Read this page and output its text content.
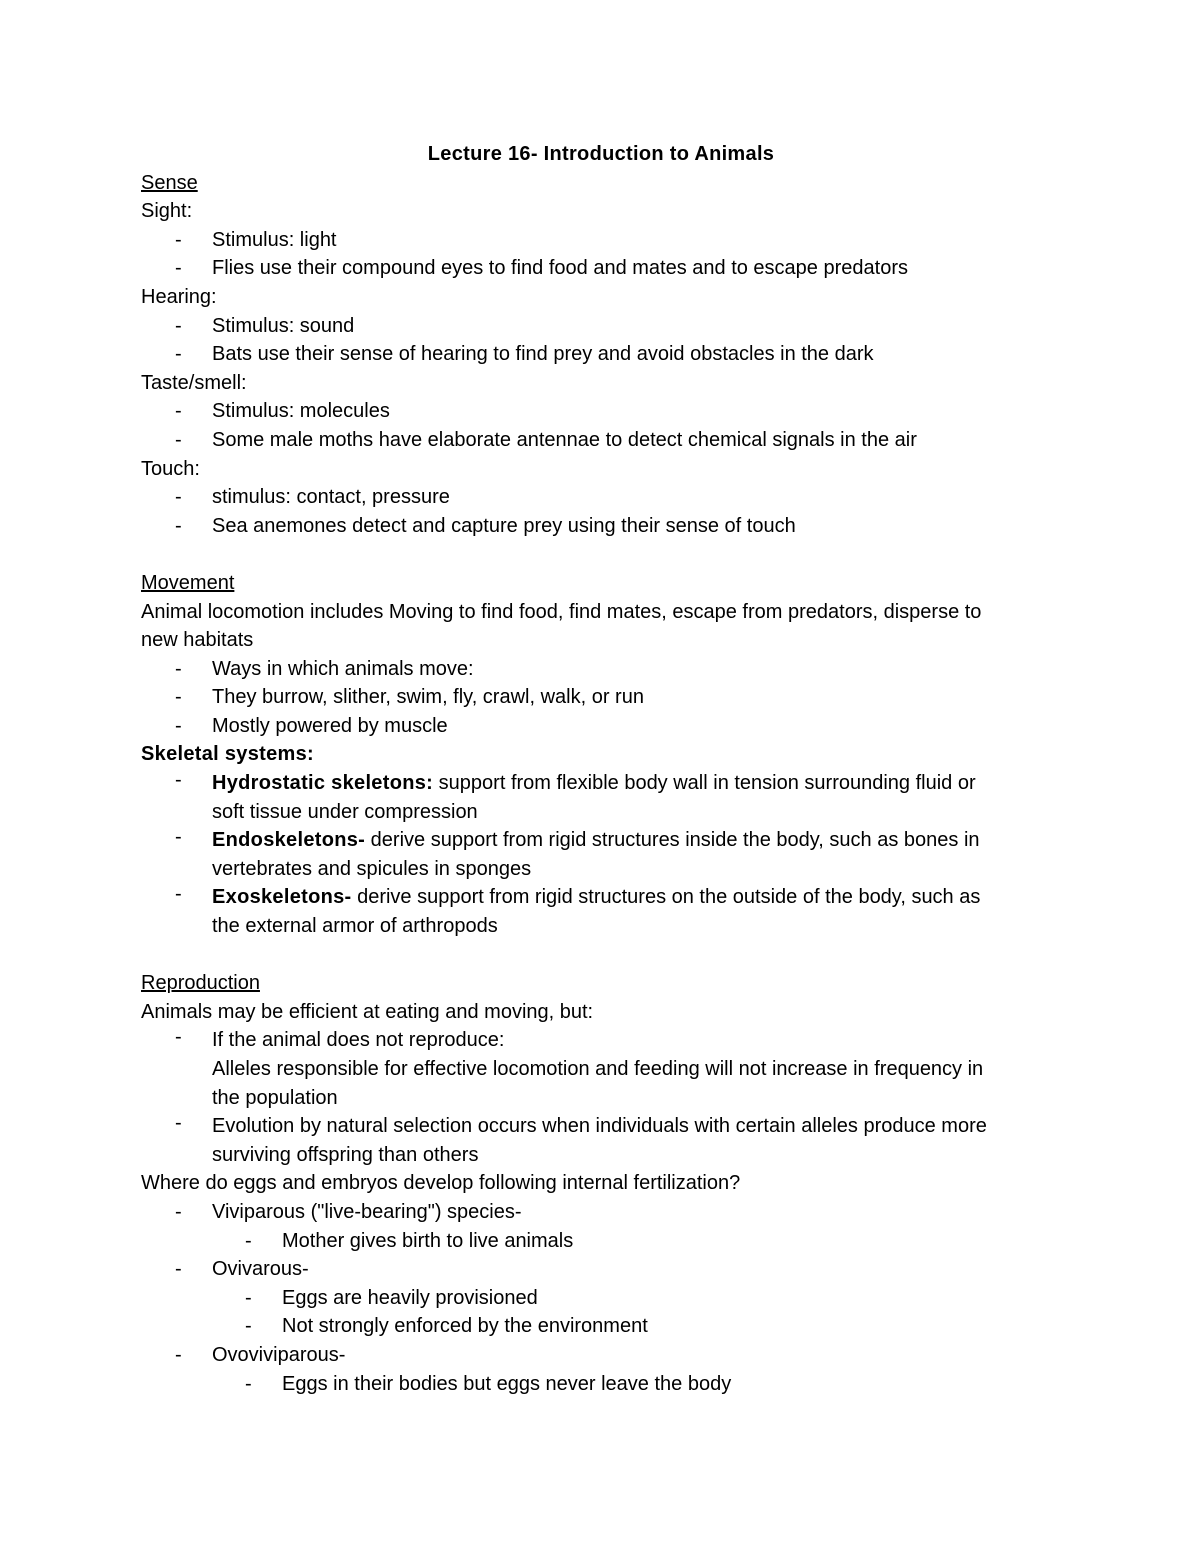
Lecture 16- Introduction to Animals
Sense
Sight:
- Stimulus: light
- Flies use their compound eyes to find food and mates and to escape predators
Hearing:
- Stimulus: sound
- Bats use their sense of hearing to find prey and avoid obstacles in the dark
Taste/smell:
- Stimulus: molecules
- Some male moths have elaborate antennae to detect chemical signals in the air
Touch:
- stimulus: contact, pressure
- Sea anemones detect and capture prey using their sense of touch
Movement
Animal locomotion includes Moving to find food, find mates, escape from predators, disperse to
new habitats
- Ways in which animals move:
- They burrow, slither, swim, fly, crawl, walk, or run
- Mostly powered by muscle
Skeletal systems:
- Hydrostatic skeletons: support from flexible body wall in tension surrounding fluid or
soft tissue under compression
- Endoskeletons- derive support from rigid structures inside the body, such as bones in
vertebrates and spicules in sponges
- Exoskeletons- derive support from rigid structures on the outside of the body, such as
the external armor of arthropods
Reproduction
Animals may be efficient at eating and moving, but:
- If the animal does not reproduce:
Alleles responsible for effective locomotion and feeding will not increase in frequency in
the population
- Evolution by natural selection occurs when individuals with certain alleles produce more
surviving offspring than others
Where do eggs and embryos develop following internal fertilization?
- Viviparous ("live-bearing") species-
- Mother gives birth to live animals
- Ovivarous-
- Eggs are heavily provisioned
- Not strongly enforced by the environment
- Ovoviviparous-
- Eggs in their bodies but eggs never leave the body
